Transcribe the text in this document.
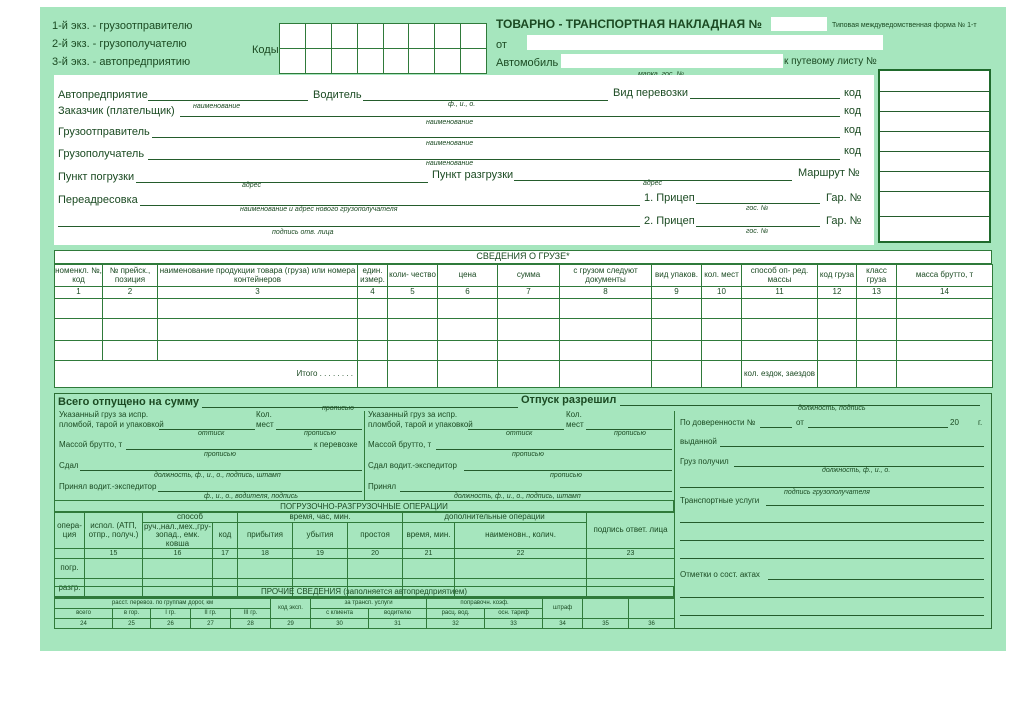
1-й экз. - грузоотправителю
2-й экз. - грузополучателю
3-й экз. - автопредприятию
Коды

ТОВАРНО - ТРАНСПОРТНАЯ НАКЛАДНАЯ №	Типовая междуведомственная форма № 1-т
от
Автомобиль	к путевому листу №
Автопредприятие	Водитель	Вид перевозки	код
наименование	ф., и., о.
Заказчик (плательщик)	код
наименование
Грузоотправитель	код
наименование
Грузополучатель	код
наименование
Пункт погрузки	Пункт разгрузки	Маршрут №
адрес	адрес
Переадресовка	1. Прицеп	Гар. №
наименование и адрес нового грузополучателя	гос. №
2. Прицеп	Гар. №
подпись отв. лица	гос. №
СВЕДЕНИЯ О ГРУЗЕ*
номенкл. №, код	№ прейск., позиция	наименование продукции товара (груза) или номера контейнеров	един. измер.	коли- чество	цена	сумма	с грузом следуют документы	вид упаков.	кол. мест	способ оп- ред. массы	код груза	класс груза	масса брутто, т
1	2	3	4	5	6	7	8	9	10	11	12	13	14

Итого . . . . . . . .										кол. ездок, заездов			
Всего отпущено на сумму
прописью
Отпуск разрешил
должность, подпись
Указанный груз за испр.	Кол.
пломбой, тарой и упаковкой	мест
оттиск	прописью
Массой брутто, т	к перевозке
прописью
Сдал
должность, ф., и., о., подпись, штамп
Принял водит.-экспедитор
ф., и., о., водителя, подпись
Указанный груз за испр.	Кол.
пломбой, тарой и упаковкой	мест
оттиск	прописью
Массой брутто, т
прописью
Сдал водит.-экспедитор
прописью
Принял
должность, ф., и., о., подпись, штамп
По доверенности №	от	20 г.
выданной
Груз получил
должность, ф., и., о.
подпись грузополучателя
Транспортные услуги
Отметки о сост. актах
ПОГРУЗОЧНО-РАЗГРУЗОЧНЫЕ ОПЕРАЦИИ
опера- ция	испол. (АТП, отпр., получ.)	способ		время, час, мин.			дополнительные операции		подпись ответ. лица
		руч.,нал.,мех.,гру- зопад., емк. ковша	код	прибытия	убытия	простоя	время, мин.	наименовн., колич.	
	15	16	17	18	19	20	21	22	23
погр.									
разгр.										ПРОЧИЕ СВЕДЕНИЯ (заполняется автопредприятием)
расст. перевоз. по группам дорог, км					код эксп.	за трансп. услуги		поправочн. коэф.		штраф		
всего	в гор.	I гр.	II гр.	III гр.		с клиента	водителю	расц. вод.	осн. тариф			
24	25	26	27	28	29	30	31	32	33	34	35	36
